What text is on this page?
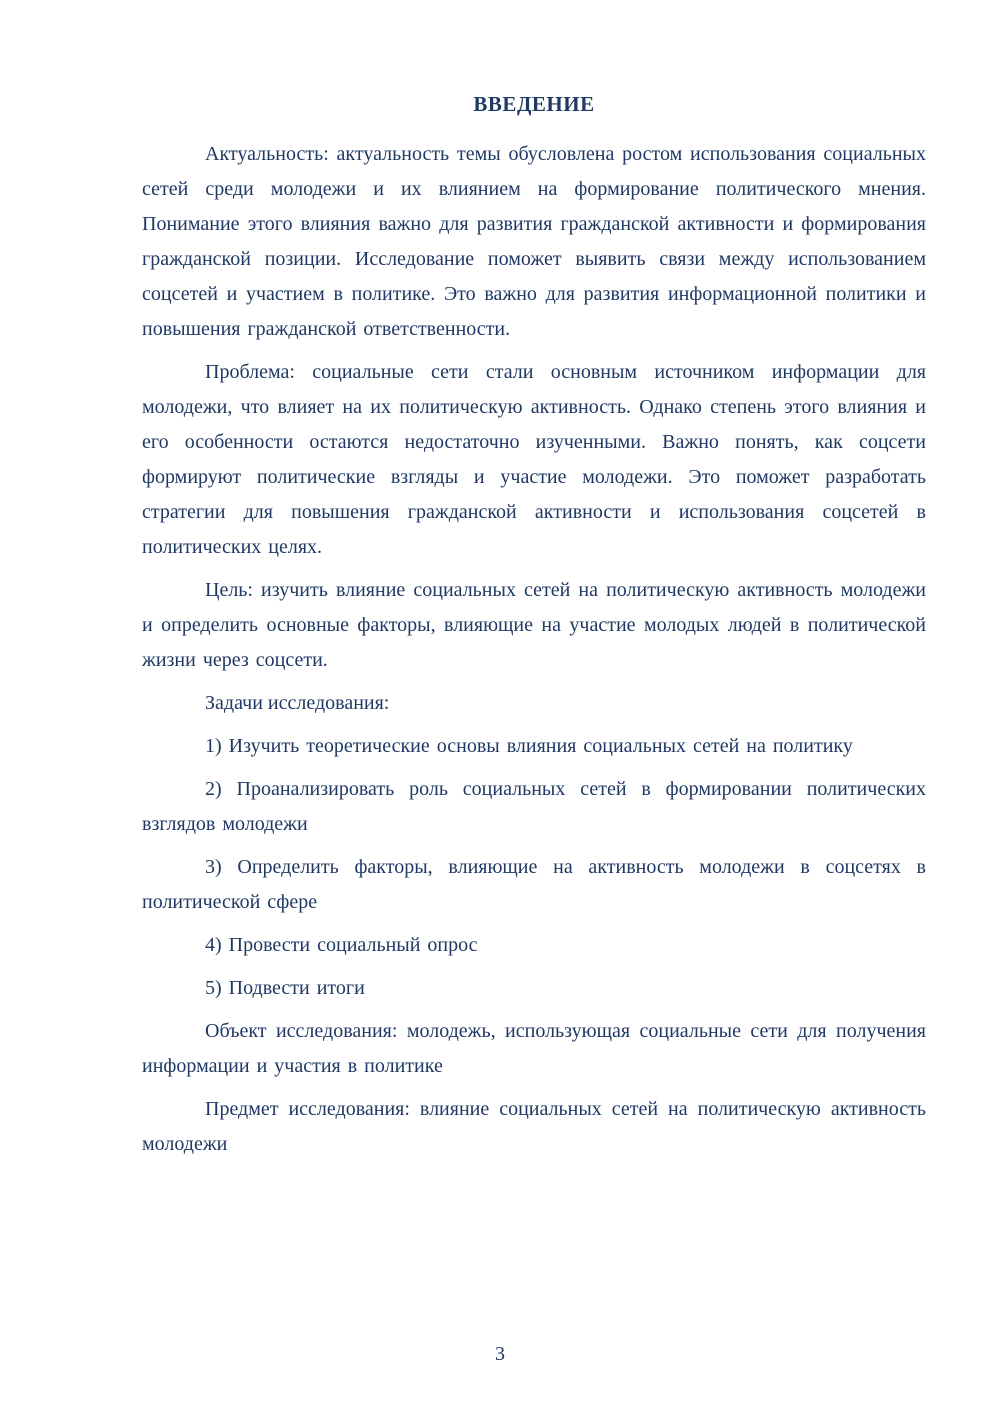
ВВЕДЕНИЕ

Актуальность: актуальность темы обусловлена ростом использования социальных сетей среди молодежи и их влиянием на формирование политического мнения. Понимание этого влияния важно для развития гражданской активности и формирования гражданской позиции. Исследование поможет выявить связи между использованием соцсетей и участием в политике. Это важно для развития информационной политики и повышения гражданской ответственности.

Проблема: социальные сети стали основным источником информации для молодежи, что влияет на их политическую активность. Однако степень этого влияния и его особенности остаются недостаточно изученными. Важно понять, как соцсети формируют политические взгляды и участие молодежи. Это поможет разработать стратегии для повышения гражданской активности и использования соцсетей в политических целях.

Цель: изучить влияние социальных сетей на политическую активность молодежи и определить основные факторы, влияющие на участие молодых людей в политической жизни через соцсети.

Задачи исследования:

1) Изучить теоретические основы влияния социальных сетей на политику

2) Проанализировать роль социальных сетей в формировании политических взглядов молодежи

3) Определить факторы, влияющие на активность молодежи в соцсетях в политической сфере

4) Провести социальный опрос

5) Подвести итоги

Объект исследования: молодежь, использующая социальные сети для получения информации и участия в политике

Предмет исследования: влияние социальных сетей на политическую активность молодежи

3
